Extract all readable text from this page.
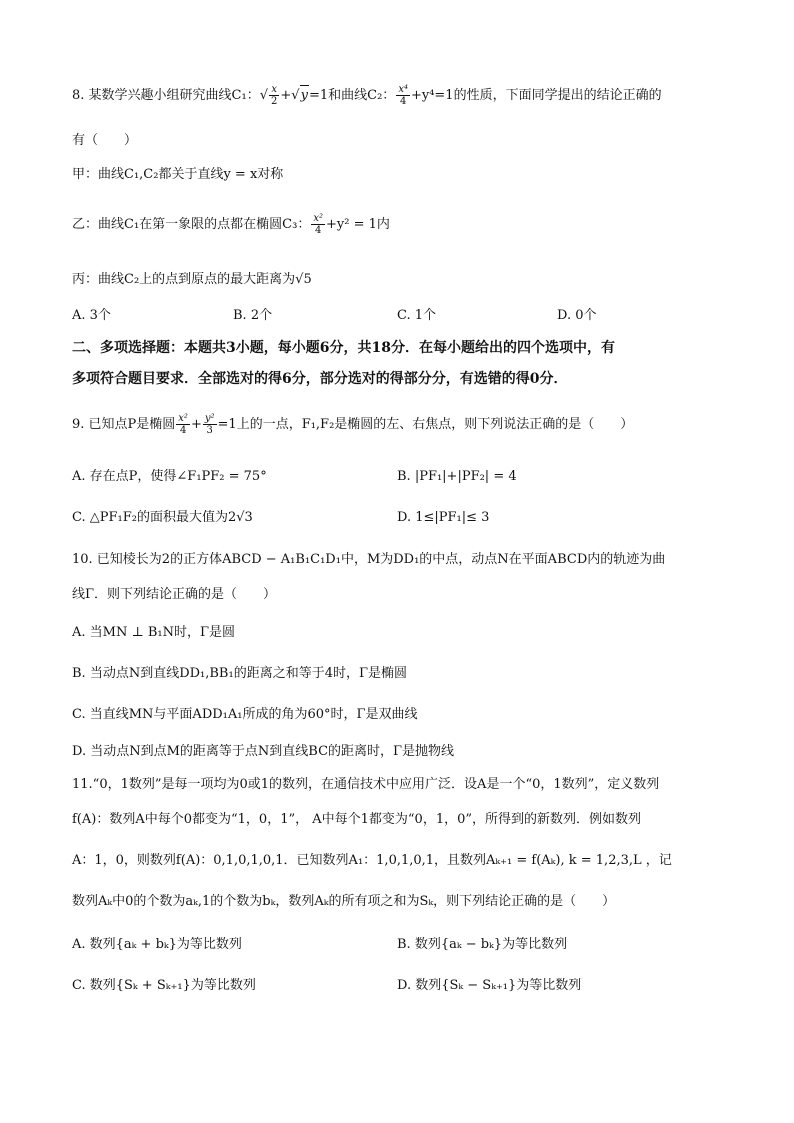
8. 某数学兴趣小组研究曲线C₁：√ $\frac{x}{2} +√y=1$和曲线C₂： $\frac{\text{x⁴}}{4} +y^4=1$的性质，下面同学提出的结论正确的
有（　　）
甲：曲线C₁,C₂都关于直线y = x对称
乙：曲线C₁在第一象限的点都在椭圆C₃： $\frac{\text{x²}}{4} +y^2 = 1$内
丙：曲线C₂上的点到原点的最大距离为√5
A. 3个	B. 2个	C. 1个	D. 0个
二、多项选择题：本题共3小题，每小题6分，共18分．在每小题给出的四个选项中，有
多项符合题目要求．全部选对的得6分，部分选对的得部分分，有选错的得0分．
9. 已知点P是椭圆 $\frac{\text{x²}}{4} + \frac{\text{y²}}{3} =1$上的一点，F₁,F₂是椭圆的左、右焦点，则下列说法正确的是（　　）
A. 存在点P，使得∠F₁PF₂ = 75°	B. |PF₁|+|PF₂| = 4
C. △PF₁F₂的面积最大值为2√3	D. 1≤|PF₁|≤ 3
10. 已知棱长为2的正方体ABCD − A₁B₁C₁D₁中，M为DD₁的中点，动点N在平面ABCD内的轨迹为曲
线Γ．则下列结论正确的是（　　）
A. 当MN ⊥ B₁N时，Γ是圆
B. 当动点N到直线DD₁,BB₁的距离之和等于4时，Γ是椭圆
C. 当直线MN与平面ADD₁A₁所成的角为60°时，Γ是双曲线
D. 当动点N到点M的距离等于点N到直线BC的距离时，Γ是抛物线
11.“0，1数列”是每一项均为0或1的数列，在通信技术中应用广泛．设A是一个“0，1数列”，定义数列
f(A)：数列A中每个0都变为“1，0，1”， A中每个1都变为“0，1，0”，所得到的新数列．例如数列
A：1，0，则数列f(A)：0,1,0,1,0,1．已知数列A₁：1,0,1,0,1，且数列Aₖ₊₁ = f(Aₖ), k = 1,2,3,L ，记
数列Aₖ中0的个数为aₖ,1的个数为bₖ，数列Aₖ的所有项之和为Sₖ，则下列结论正确的是（　　）
A. 数列{aₖ + bₖ}为等比数列	B. 数列{aₖ − bₖ}为等比数列
C. 数列{Sₖ + Sₖ₊₁}为等比数列	D. 数列{Sₖ − Sₖ₊₁}为等比数列
